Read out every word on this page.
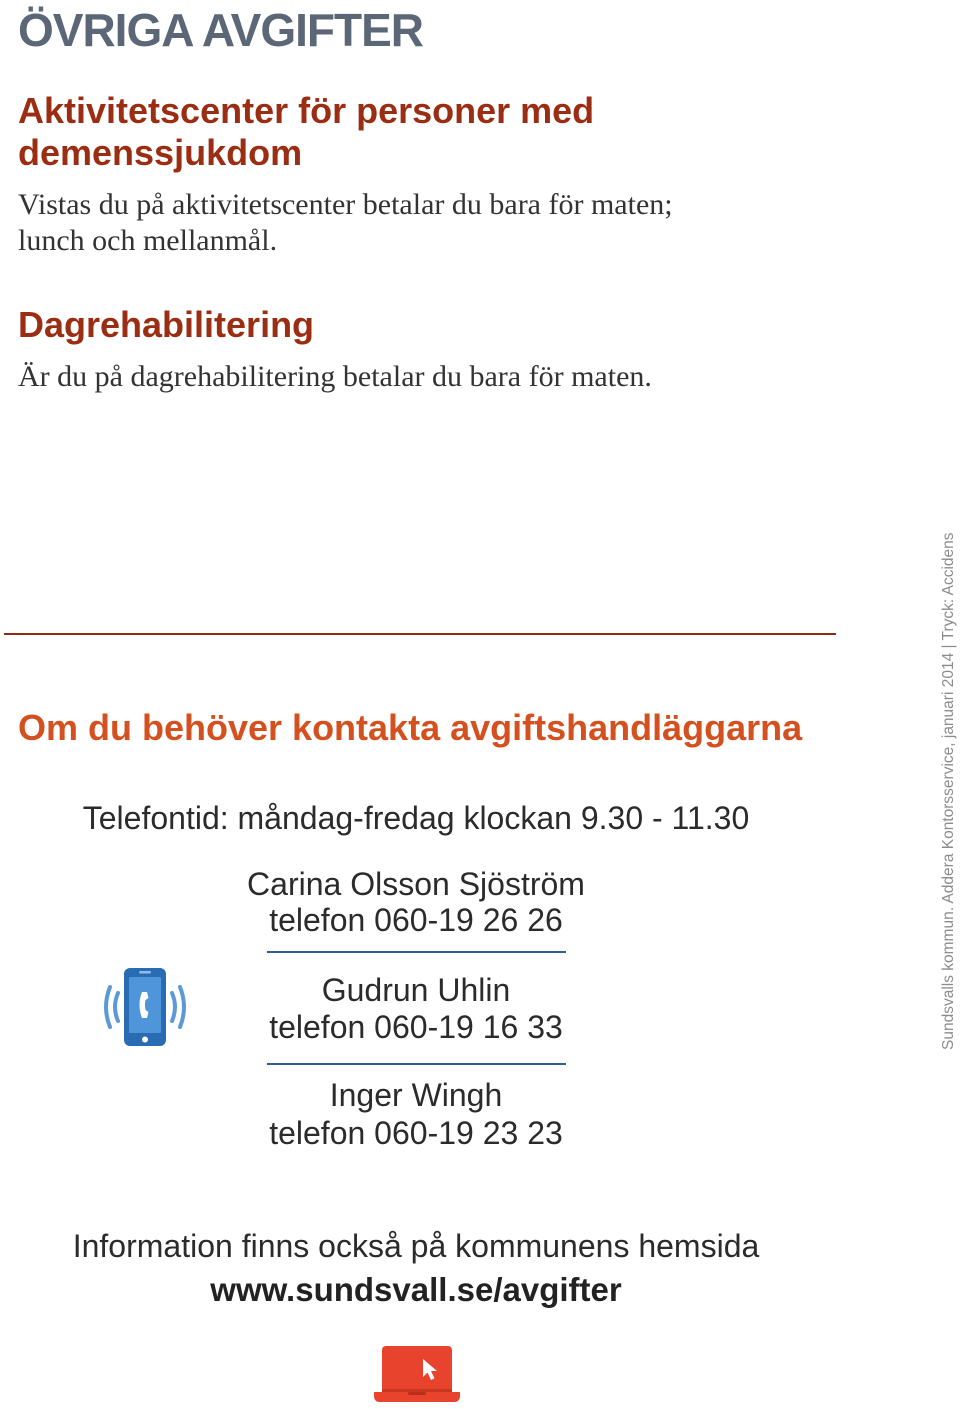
ÖVRIGA AVGIFTER
Aktivitetscenter för personer med
demenssjukdom
Vistas du på aktivitetscenter betalar du bara för maten;
lunch och mellanmål.
Dagrehabilitering
Är du på dagrehabilitering betalar du bara för maten.
Om du behöver kontakta avgiftshandläggarna
Telefontid: måndag-fredag klockan 9.30 - 11.30
Carina Olsson Sjöström
telefon 060-19 26 26
Gudrun Uhlin
telefon 060-19 16 33
Inger Wingh
telefon 060-19 23 23
Information finns också på kommunens hemsida
www.sundsvall.se/avgifter
Sundsvalls kommun. Addera Kontorsservice, januari 2014 | Tryck: Accidens
